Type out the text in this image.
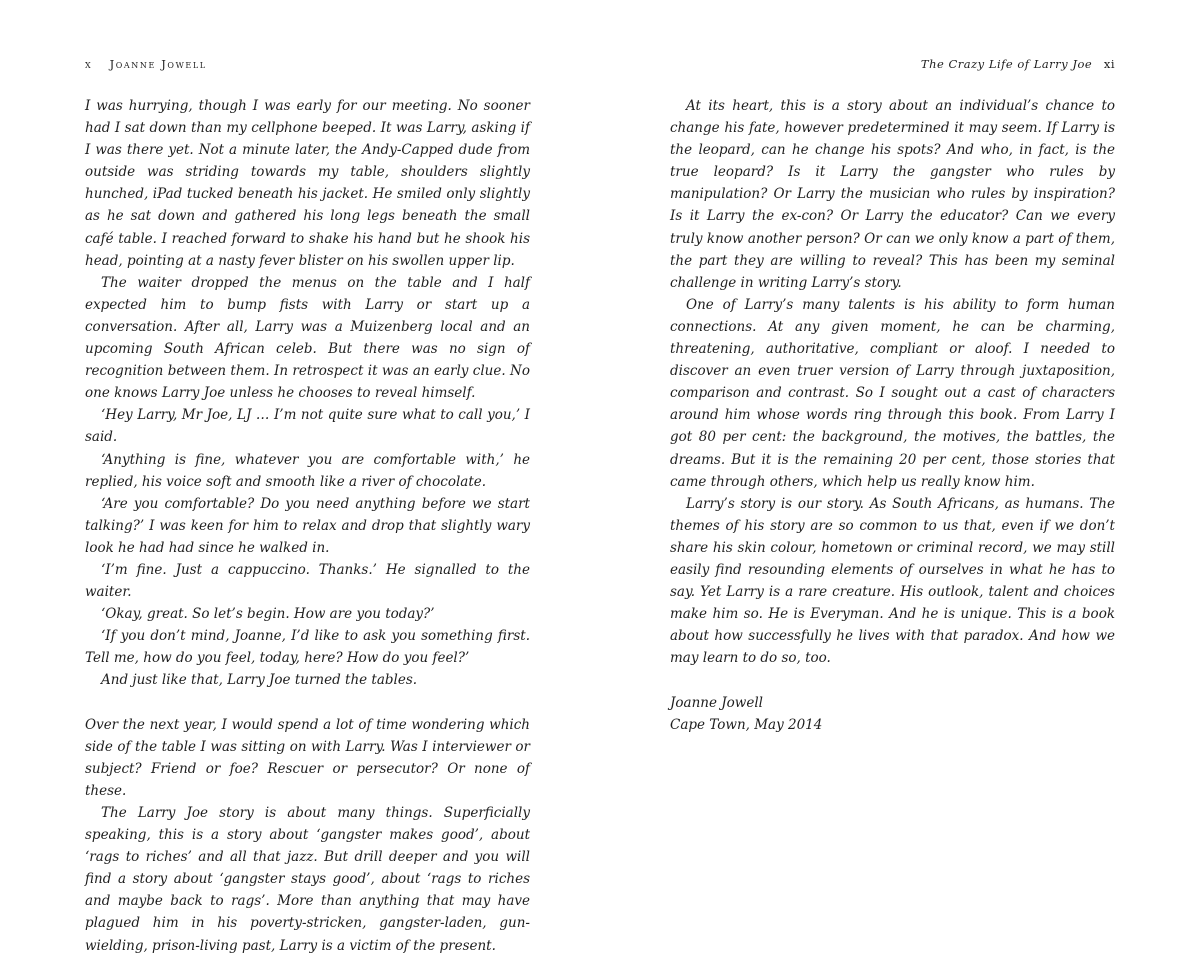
x Joanne Jowell

I was hurrying, though I was early for our meeting. No sooner had I sat down than my cellphone beeped. It was Larry, asking if I was there yet. Not a minute later, the Andy-Capped dude from outside was striding towards my table, shoulders slightly hunched, iPad tucked beneath his jacket. He smiled only slightly as he sat down and gathered his long legs beneath the small café table. I reached forward to shake his hand but he shook his head, pointing at a nasty fever blister on his swollen upper lip.

The waiter dropped the menus on the table and I half expected him to bump fists with Larry or start up a conversation. After all, Larry was a Muizenberg local and an upcoming South African celeb. But there was no sign of recognition between them. In retrospect it was an early clue. No one knows Larry Joe unless he chooses to reveal himself.

‘Hey Larry, Mr Joe, LJ … I’m not quite sure what to call you,’ I said.

‘Anything is fine, whatever you are comfortable with,’ he replied, his voice soft and smooth like a river of chocolate.

‘Are you comfortable? Do you need anything before we start talking?’ I was keen for him to relax and drop that slightly wary look he had had since he walked in.

‘I’m fine. Just a cappuccino. Thanks.’ He signalled to the waiter.

‘Okay, great. So let’s begin. How are you today?’

‘If you don’t mind, Joanne, I’d like to ask you something first. Tell me, how do you feel, today, here? How do you feel?’

And just like that, Larry Joe turned the tables.

Over the next year, I would spend a lot of time wondering which side of the table I was sitting on with Larry. Was I interviewer or subject? Friend or foe? Rescuer or persecutor? Or none of these.

The Larry Joe story is about many things. Superficially speaking, this is a story about ‘gangster makes good’, about ‘rags to riches’ and all that jazz. But drill deeper and you will find a story about ‘gangster stays good’, about ‘rags to riches and maybe back to rags’. More than anything that may have plagued him in his poverty-stricken, gangster-laden, gun-wielding, prison-living past, Larry is a victim of the present.

The Crazy Life of Larry Joe xi

At its heart, this is a story about an individual’s chance to change his fate, however predetermined it may seem. If Larry is the leopard, can he change his spots? And who, in fact, is the true leopard? Is it Larry the gangster who rules by manipulation? Or Larry the musician who rules by inspiration? Is it Larry the ex-con? Or Larry the educator? Can we every truly know another person? Or can we only know a part of them, the part they are willing to reveal? This has been my seminal challenge in writing Larry’s story.

One of Larry’s many talents is his ability to form human connections. At any given moment, he can be charming, threatening, authoritative, compliant or aloof. I needed to discover an even truer version of Larry through juxtaposition, comparison and contrast. So I sought out a cast of characters around him whose words ring through this book. From Larry I got 80 per cent: the background, the motives, the battles, the dreams. But it is the remaining 20 per cent, those stories that came through others, which help us really know him.

Larry’s story is our story. As South Africans, as humans. The themes of his story are so common to us that, even if we don’t share his skin colour, hometown or criminal record, we may still easily find resounding elements of ourselves in what he has to say. Yet Larry is a rare creature. His outlook, talent and choices make him so. He is Everyman. And he is unique. This is a book about how successfully he lives with that paradox. And how we may learn to do so, too.

Joanne Jowell

Cape Town, May 2014
